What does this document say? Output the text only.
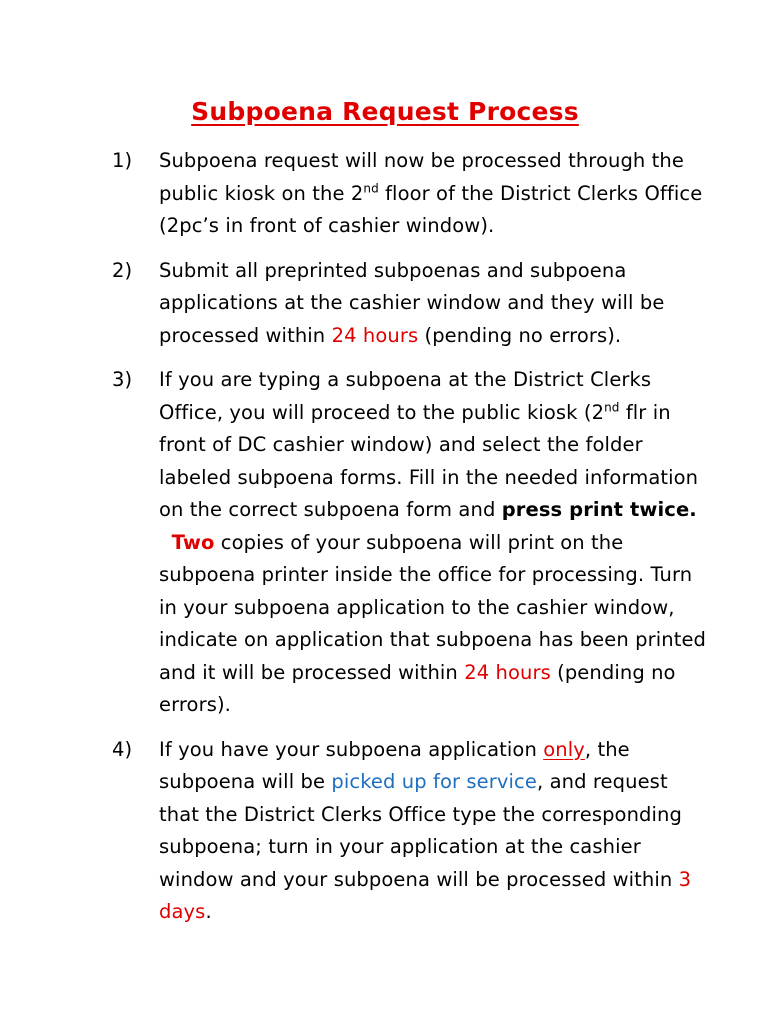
Subpoena Request Process
1) Subpoena request will now be processed through the public kiosk on the 2nd floor of the District Clerks Office (2pc’s in front of cashier window).
2) Submit all preprinted subpoenas and subpoena applications at the cashier window and they will be processed within 24 hours (pending no errors).
3) If you are typing a subpoena at the District Clerks Office, you will proceed to the public kiosk (2nd flr in front of DC cashier window) and select the folder labeled subpoena forms. Fill in the needed information on the correct subpoena form and press print twice.  Two copies of your subpoena will print on the subpoena printer inside the office for processing. Turn in your subpoena application to the cashier window, indicate on application that subpoena has been printed and it will be processed within 24 hours (pending no errors).
4) If you have your subpoena application only, the subpoena will be picked up for service, and request that the District Clerks Office type the corresponding subpoena; turn in your application at the cashier window and your subpoena will be processed within 3 days.
